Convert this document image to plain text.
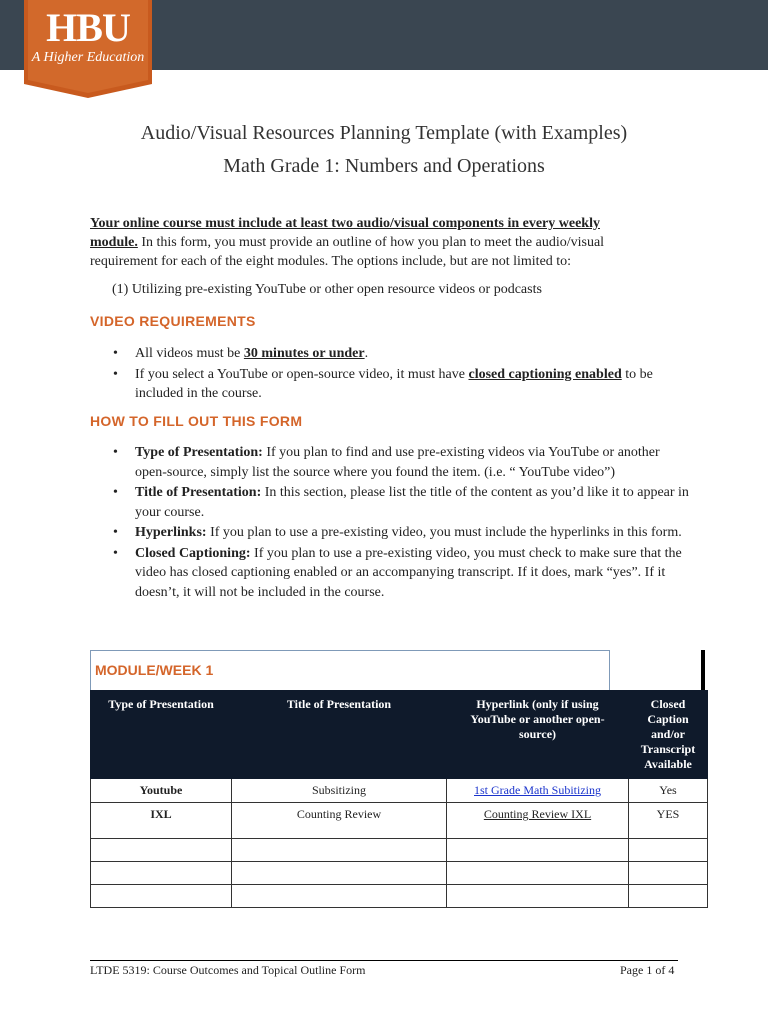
HBU
A Higher Education
Audio/Visual Resources Planning Template (with Examples)
Math Grade 1: Numbers and Operations
Your online course must include at least two audio/visual components in every weekly module. In this form, you must provide an outline of how you plan to meet the audio/visual requirement for each of the eight modules. The options include, but are not limited to:
(1) Utilizing pre-existing YouTube or other open resource videos or podcasts
VIDEO REQUIREMENTS
• All videos must be 30 minutes or under.
• If you select a YouTube or open-source video, it must have closed captioning enabled to be included in the course.
HOW TO FILL OUT THIS FORM
• Type of Presentation: If you plan to find and use pre-existing videos via YouTube or another open-source, simply list the source where you found the item. (i.e. “ YouTube video”)
• Title of Presentation: In this section, please list the title of the content as you’d like it to appear in your course.
• Hyperlinks: If you plan to use a pre-existing video, you must include the hyperlinks in this form.
• Closed Captioning: If you plan to use a pre-existing video, you must check to make sure that the video has closed captioning enabled or an accompanying transcript. If it does, mark “yes”. If it doesn’t, it will not be included in the course.
MODULE/WEEK 1
Type of Presentation	Title of Presentation	Hyperlink (only if using YouTube or another open-source)	Closed Caption and/or Transcript Available
Youtube	Subsitizing	1st Grade Math Subitizing	Yes
IXL	Counting Review	Counting Review IXL	YES

LTDE 5319: Course Outcomes and Topical Outline Form	Page 1 of 4
